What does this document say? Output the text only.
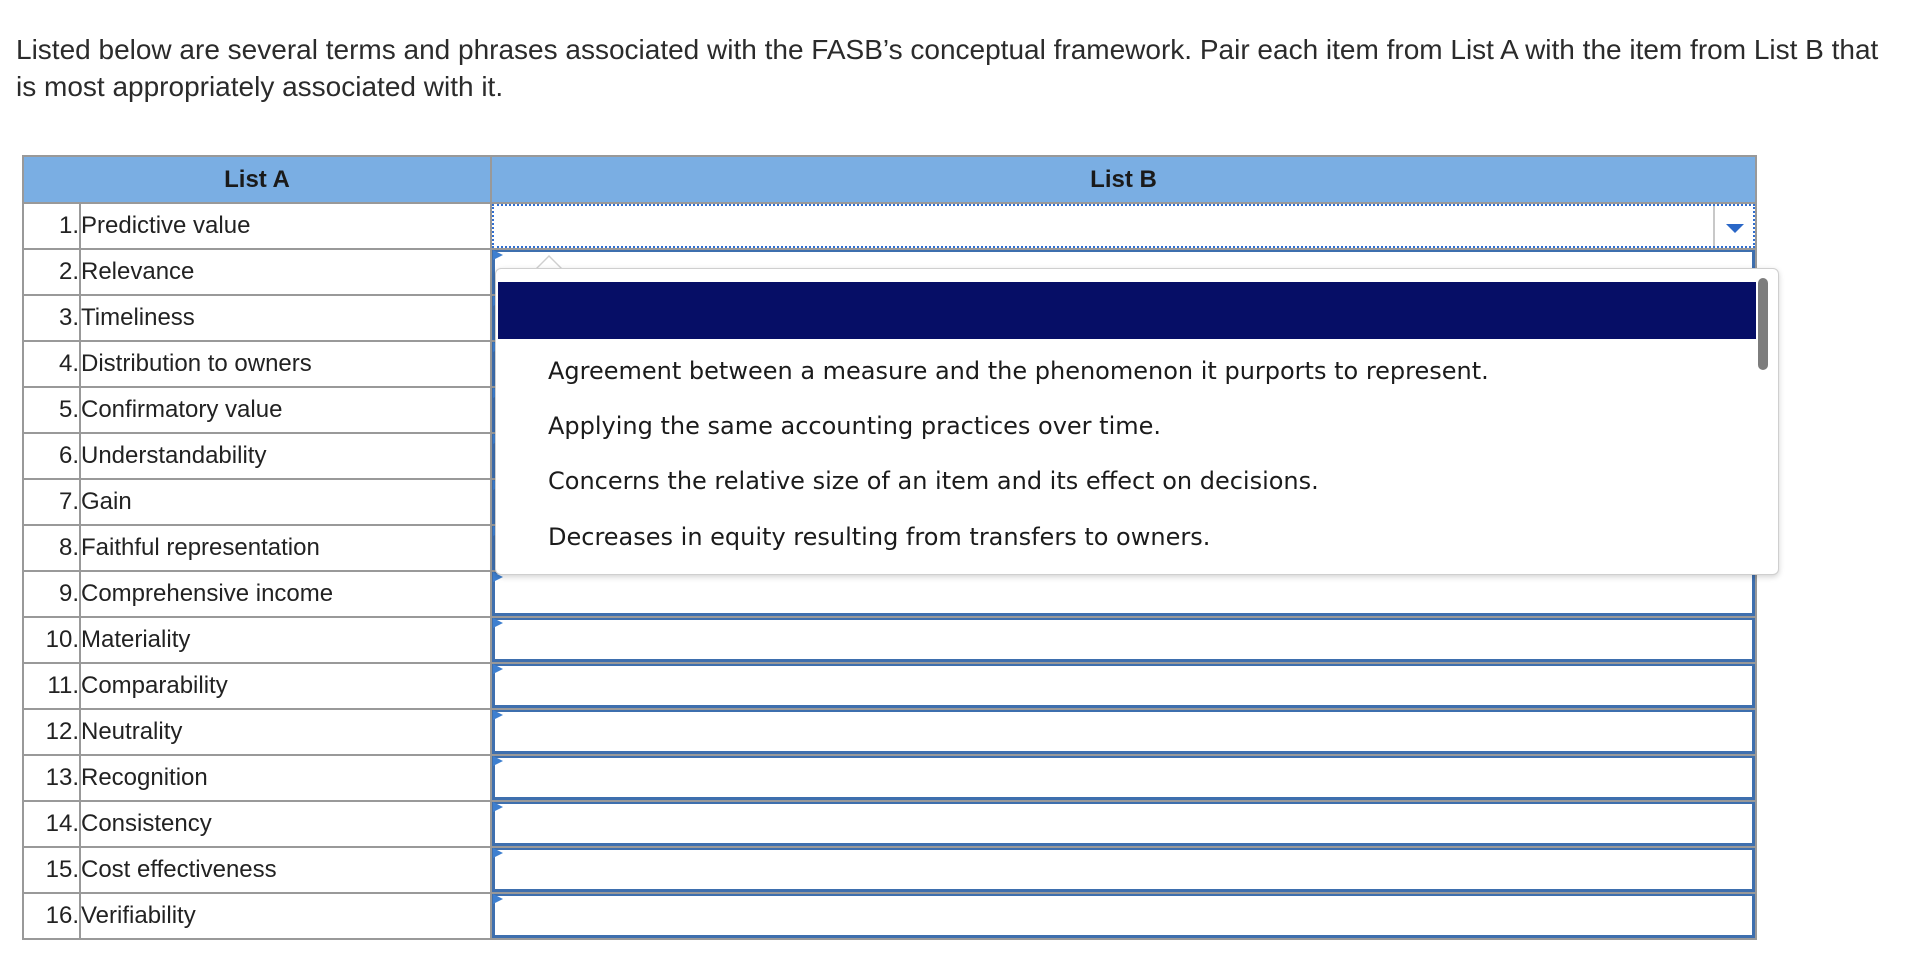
Listed below are several terms and phrases associated with the FASB’s conceptual framework. Pair each item from List A with the item from List B that is most appropriately associated with it.
List A		List B
1.	Predictive value	

2.	Relevance	

3.	Timeliness	

4.	Distribution to owners	

5.	Confirmatory value	

6.	Understandability	

7.	Gain	

8.	Faithful representation	

9.	Comprehensive income	

10.	Materiality	

11.	Comparability	

12.	Neutrality	

13.	Recognition	

14.	Consistency	

15.	Cost effectiveness	

16.	Verifiability	
Agreement between a measure and the phenomenon it purports to represent.
Applying the same accounting practices over time.
Concerns the relative size of an item and its effect on decisions.
Decreases in equity resulting from transfers to owners.
